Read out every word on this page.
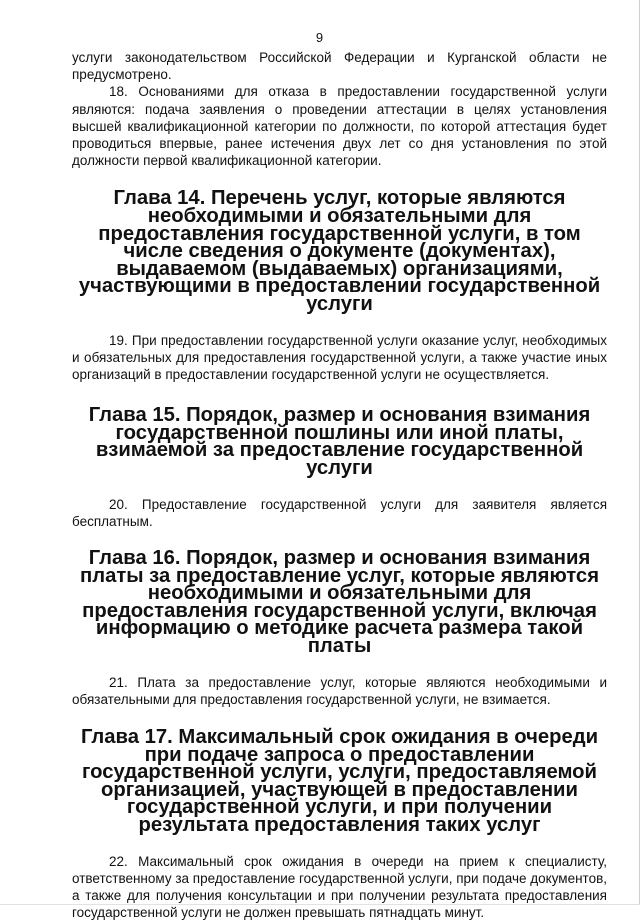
9

услуги законодательством Российской Федерации и Курганской области не предусмотрено.

18. Основаниями для отказа в предоставлении государственной услуги являются: подача заявления о проведении аттестации в целях установления высшей квалификационной категории по должности, по которой аттестация будет проводиться впервые, ранее истечения двух лет со дня установления по этой должности первой квалификационной категории.

Глава 14. Перечень услуг, которые являются необходимыми и обязательными для предоставления государственной услуги, в том числе сведения о документе (документах), выдаваемом (выдаваемых) организациями, участвующими в предоставлении государственной услуги

19. При предоставлении государственной услуги оказание услуг, необходимых и обязательных для предоставления государственной услуги, а также участие иных организаций в предоставлении государственной услуги не осуществляется.

Глава 15. Порядок, размер и основания взимания государственной пошлины или иной платы, взимаемой за предоставление государственной услуги

20. Предоставление государственной услуги для заявителя является бесплатным.

Глава 16. Порядок, размер и основания взимания платы за предоставление услуг, которые являются необходимыми и обязательными для предоставления государственной услуги, включая информацию о методике расчета размера такой платы

21. Плата за предоставление услуг, которые являются необходимыми и обязательными для предоставления государственной услуги, не взимается.

Глава 17. Максимальный срок ожидания в очереди при подаче запроса о предоставлении государственной услуги, услуги, предоставляемой организацией, участвующей в предоставлении государственной услуги, и при получении результата предоставления таких услуг

22. Максимальный срок ожидания в очереди на прием к специалисту, ответственному за предоставление государственной услуги, при подаче документов, а также для получения консультации и при получении результата предоставления государственной услуги не должен превышать пятнадцать минут.
